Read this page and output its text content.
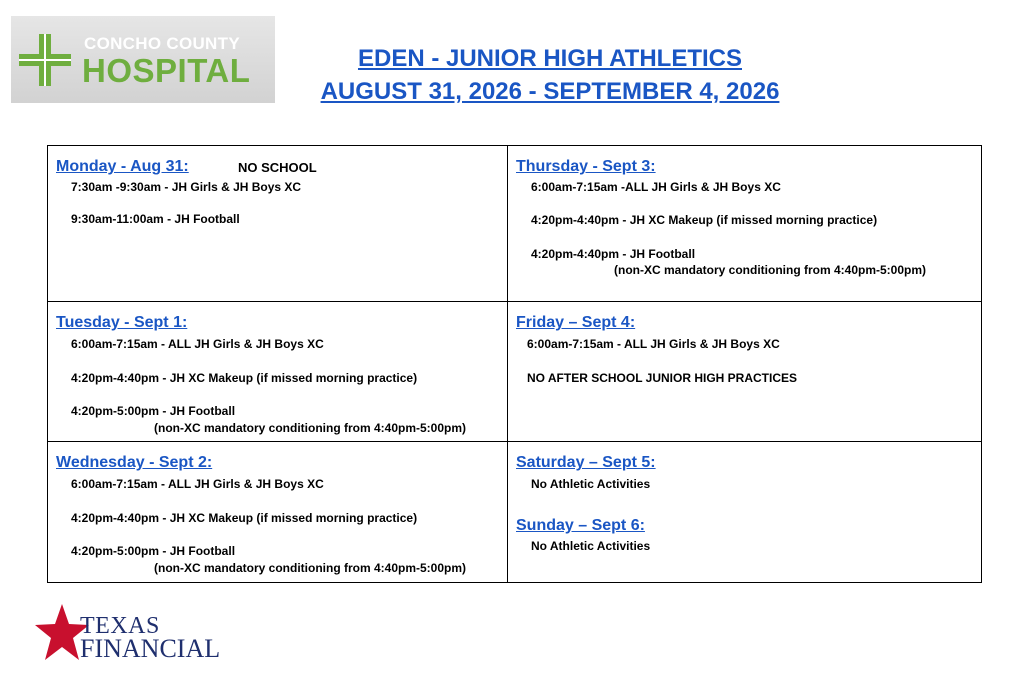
CONCHO COUNTY
HOSPITAL	EDEN - JUNIOR HIGH ATHLETICS
AUGUST 31, 2026 - SEPTEMBER 4, 2026
Monday - Aug 31:	NO SCHOOL
7:30am -9:30am - JH Girls & JH Boys XC
9:30am-11:00am - JH Football
Thursday - Sept 3:
6:00am-7:15am -ALL JH Girls & JH Boys XC
4:20pm-4:40pm - JH XC Makeup (if missed morning practice)
4:20pm-4:40pm - JH Football
(non-XC mandatory conditioning from 4:40pm-5:00pm)
Tuesday - Sept 1:
6:00am-7:15am - ALL JH Girls & JH Boys XC
4:20pm-4:40pm - JH XC Makeup (if missed morning practice)
4:20pm-5:00pm - JH Football
(non-XC mandatory conditioning from 4:40pm-5:00pm)
Friday – Sept 4:
6:00am-7:15am - ALL JH Girls & JH Boys XC
NO AFTER SCHOOL JUNIOR HIGH PRACTICES
Wednesday - Sept 2:
6:00am-7:15am - ALL JH Girls & JH Boys XC
4:20pm-4:40pm - JH XC Makeup (if missed morning practice)
4:20pm-5:00pm - JH Football
(non-XC mandatory conditioning from 4:40pm-5:00pm)
Saturday – Sept 5:
No Athletic Activities
Sunday – Sept 6:
No Athletic Activities
TEXAS
FINANCIAL
